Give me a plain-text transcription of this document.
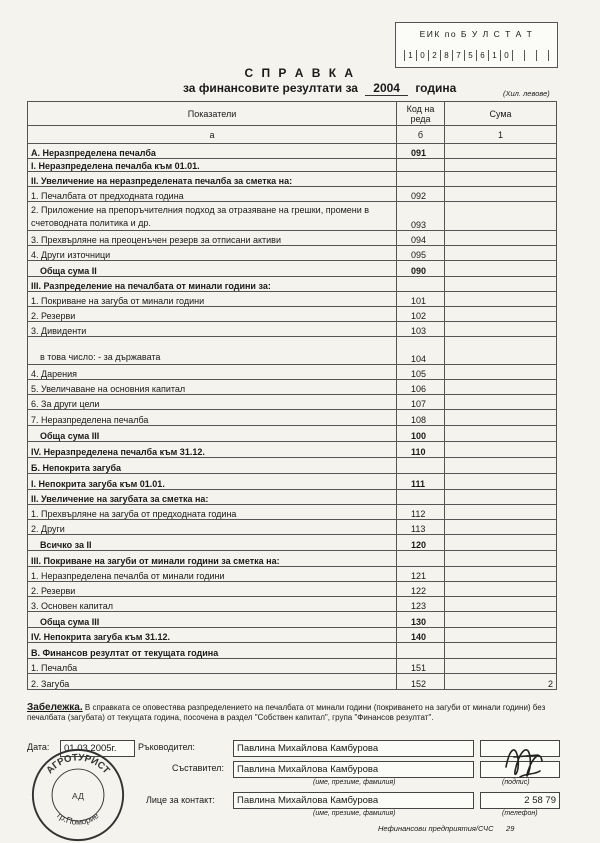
ЕИК по Б У Л С Т А Т
1 0 2 8 7 5 6 1 0
С П Р А В К А
за финансовите резултати за 2004 година	(Хил. левове)
Показатели	Код на реда	Сума
а	б	1
А. Неразпределена печалба	091	
I. Неразпределена печалба към 01.01.		
II. Увеличение на неразпределената печалба за сметка на:		
1. Печалбата от предходната година	092	
2. Приложение на препоръчителния подход за отразяване на грешки, промени в счетоводната политика и др.	093	
3. Прехвърляне на преоценъчен резерв за отписани активи	094	
4. Други източници	095	
Обща сума II	090	
III. Разпределение на печалбата от минали години за:		
1. Покриване на загуба от минали години	101	
2. Резерви	102	
3. Дивиденти	103	
в това число: - за държавата	104	
4. Дарения	105	
5. Увеличаване на основния капитал	106	
6. За други цели	107	
7. Неразпределена печалба	108	
Обща сума III	100	
IV. Неразпределена печалба към 31.12.	110	
Б. Непокрита загуба		
I. Непокрита загуба към 01.01.	111	
II. Увеличение на загубата за сметка на:		
1. Прехвърляне на загуба от предходната година	112	
2. Други	113	
Всичко за II	120	
III. Покриване на загуби от минали години за сметка на:		
1. Неразпределена печалба от минали години	121	
2. Резерви	122	
3. Основен капитал	123	
Обща сума III	130	
IV. Непокрита загуба към 31.12.	140	
В. Финансов резултат от текущата година		
1. Печалба	151	
2. Загуба	152	2
Забележка. В справката се оповестява разпределението на печалбата от минали години (покриването на загуби от минали години) без печалбата (загубата) от текущата година, посочена в раздел "Собствен капитал", група "Финансов резултат".
Дата:	01.03.2005г.	Ръководител:	Павлина Михайлова Камбурова
Съставител:	Павлина Михайлова Камбурова
(име, презиме, фамилия)	(подпис)
Лице за контакт:	Павлина Михайлова Камбурова	2 58 79
(име, презиме, фамилия)	(телефон)
Нефинансови предприятия/СЧС 29
АГРОТУРИСТ
гр.Поморие
АД
